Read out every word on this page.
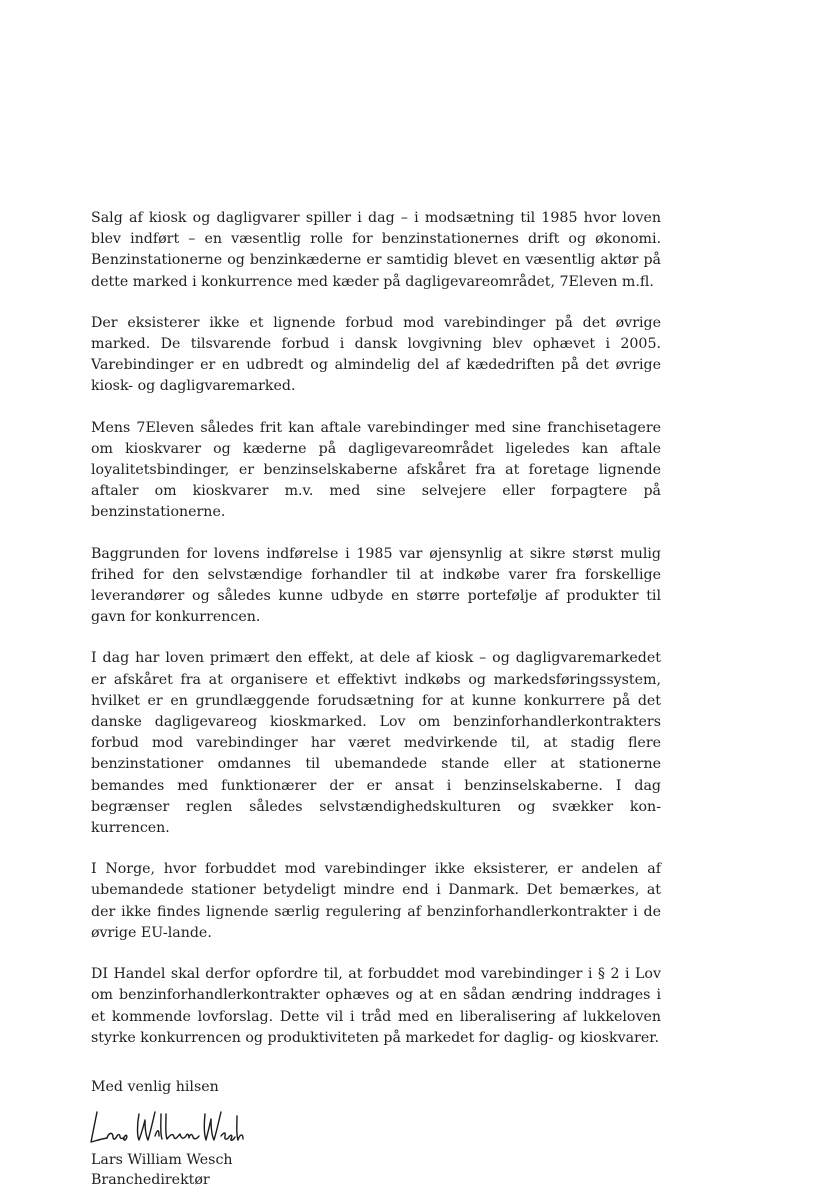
Salg af kiosk og dagligvarer spiller i dag – i modsætning til 1985 hvor loven blev indført – en væsentlig rolle for benzinstationernes drift og økonomi. Benzinstationerne og benzinkæderne er samtidig blevet en væsentlig aktør på dette marked i konkurrence med kæder på dagligevareområdet, 7Eleven m.fl.

Der eksisterer ikke et lignende forbud mod varebindinger på det øvrige marked. De tilsvarende forbud i dansk lovgivning blev ophævet i 2005. Varebindinger er en udbredt og almindelig del af kædedriften på det øvrige kiosk- og dagligvaremarked.

Mens 7Eleven således frit kan aftale varebindinger med sine franchisetagere om kioskvarer og kæderne på dagligevareområdet ligeledes kan aftale loyalitetsbindinger, er benzinselskaberne afskåret fra at foretage lignende aftaler om kioskvarer m.v. med sine selvejere eller forpagtere på benzinstationerne.

Baggrunden for lovens indførelse i 1985 var øjensynlig at sikre størst mulig frihed for den selvstændige forhandler til at indkøbe varer fra forskellige leverandører og således kunne udbyde en større portefølje af produkter til gavn for konkurrencen.

I dag har loven primært den effekt, at dele af kiosk – og dagligvaremarkedet er afskåret fra at organisere et effektivt indkøbs og markedsføringssystem, hvilket er en grundlæggende forudsætning for at kunne konkurrere på det danske dagligevareog kioskmarked. Lov om benzinforhandlerkontrakters forbud mod varebindinger har været medvirkende til, at stadig flere benzinstationer omdannes til ubemandede stande eller at stationerne bemandes med funktionærer der er ansat i benzinselskaberne. I dag begrænser reglen således selvstændighedskulturen og svækker konkurrencen.

I Norge, hvor forbuddet mod varebindinger ikke eksisterer, er andelen af ubemandede stationer betydeligt mindre end i Danmark. Det bemærkes, at der ikke findes lignende særlig regulering af benzinforhandlerkontrakter i de øvrige EU-lande.

DI Handel skal derfor opfordre til, at forbuddet mod varebindinger i § 2 i Lov om benzinforhandlerkontrakter ophæves og at en sådan ændring inddrages i et kommende lovforslag. Dette vil i tråd med en liberalisering af lukkeloven styrke konkurrencen og produktiviteten på markedet for daglig- og kioskvarer.

Med venlig hilsen

Lars William Wesch

Branchedirektør
